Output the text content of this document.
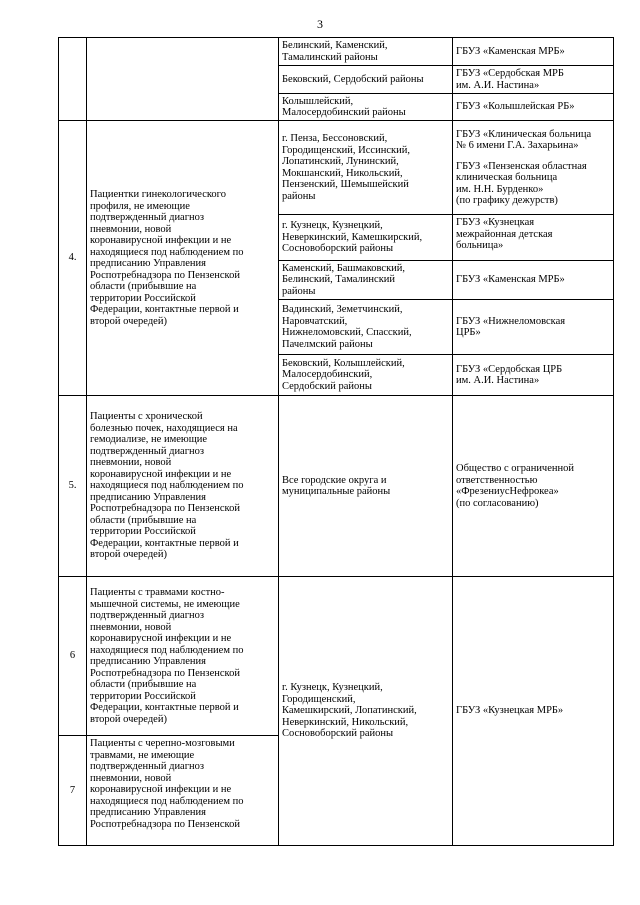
3
Белинский, Каменский,
Тамалинский районы
ГБУЗ «Каменская МРБ»
Бековский, Сердобский районы
ГБУЗ «Сердобская МРБ
им. А.И. Настина»
Колышлейский,
Малосердобинский районы
ГБУЗ «Колышлейская РБ»
4.
Пациентки гинекологического
профиля, не имеющие
подтвержденный диагноз
пневмонии, новой
коронавирусной инфекции и не
находящиеся под наблюдением по
предписанию Управления
Роспотребнадзора по Пензенской
области (прибывшие на
территории Российской
Федерации, контактные первой и
второй очередей)
г. Пенза, Бессоновский,
Городищенский, Иссинский,
Лопатинский, Лунинский,
Мокшанский, Никольский,
Пензенский, Шемышейский
районы
ГБУЗ «Клиническая больница
№ 6 имени Г.А. Захарьина»
ГБУЗ «Пензенская областная
клиническая больница
им. Н.Н. Бурденко»
(по графику дежурств)
г. Кузнецк, Кузнецкий,
Неверкинский, Камешкирский,
Сосновоборский районы
ГБУЗ «Кузнецкая
межрайонная детская
больница»
Каменский, Башмаковский,
Белинский, Тамалинский
районы
ГБУЗ «Каменская МРБ»
Вадинский, Земетчинский,
Наровчатский,
Нижнеломовский, Спасский,
Пачелмский районы
ГБУЗ «Нижнеломовская
ЦРБ»
Бековский, Колышлейский,
Малосердобинский,
Сердобский районы
ГБУЗ «Сердобская ЦРБ
им. А.И. Настина»
5.
Пациенты с хронической
болезнью почек, находящиеся на
гемодиализе, не имеющие
подтвержденный диагноз
пневмонии, новой
коронавирусной инфекции и не
находящиеся под наблюдением по
предписанию Управления
Роспотребнадзора по Пензенской
области (прибывшие на
территории Российской
Федерации, контактные первой и
второй очередей)
Все городские округа и
муниципальные районы
Общество с ограниченной
ответственностью
«ФрезениусНефрокеа»
(по согласованию)
6
Пациенты с травмами костно-
мышечной системы, не имеющие
подтвержденный диагноз
пневмонии, новой
коронавирусной инфекции и не
находящиеся под наблюдением по
предписанию Управления
Роспотребнадзора по Пензенской
области (прибывшие на
территории Российской
Федерации, контактные первой и
второй очередей)
7
Пациенты с черепно-мозговыми
травмами, не имеющие
подтвержденный диагноз
пневмонии, новой
коронавирусной инфекции и не
находящиеся под наблюдением по
предписанию Управления
Роспотребнадзора по Пензенской
г. Кузнецк, Кузнецкий,
Городищенский,
Камешкирский, Лопатинский,
Неверкинский, Никольский,
Сосновоборский районы
ГБУЗ «Кузнецкая МРБ»
